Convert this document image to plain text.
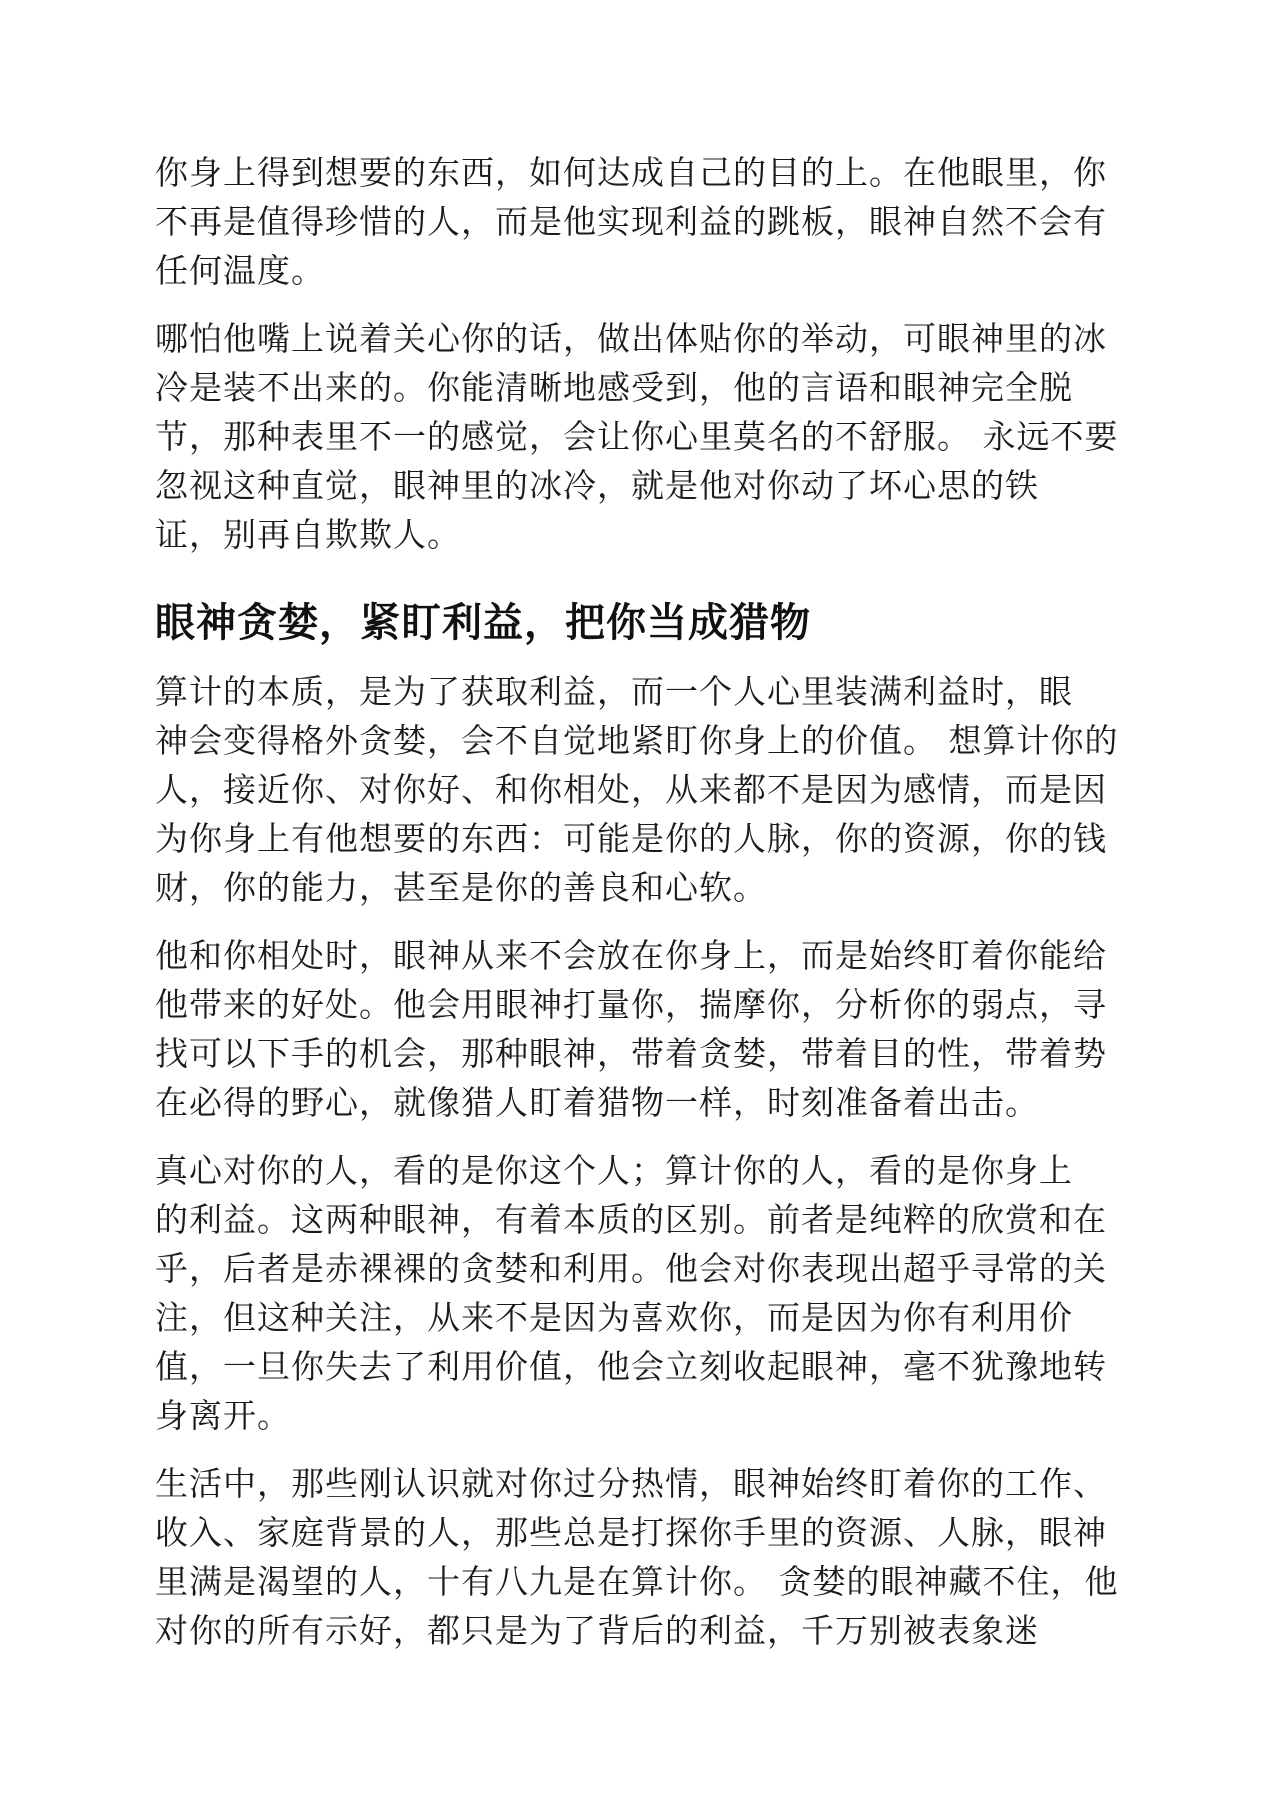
你身上得到想要的东西，如何达成自己的目的上。在他眼里，你
不再是值得珍惜的人，而是他实现利益的跳板，眼神自然不会有
任何温度。
哪怕他嘴上说着关心你的话，做出体贴你的举动，可眼神里的冰
冷是装不出来的。你能清晰地感受到，他的言语和眼神完全脱
节，那种表里不一的感觉，会让你心里莫名的不舒服。 永远不要
忽视这种直觉，眼神里的冰冷，就是他对你动了坏心思的铁
证，别再自欺欺人。
眼神贪婪，紧盯利益，把你当成猎物
算计的本质，是为了获取利益，而一个人心里装满利益时，眼
神会变得格外贪婪，会不自觉地紧盯你身上的价值。 想算计你的
人，接近你、对你好、和你相处，从来都不是因为感情，而是因
为你身上有他想要的东西：可能是你的人脉，你的资源，你的钱
财，你的能力，甚至是你的善良和心软。
他和你相处时，眼神从来不会放在你身上，而是始终盯着你能给
他带来的好处。他会用眼神打量你，揣摩你，分析你的弱点，寻
找可以下手的机会，那种眼神，带着贪婪，带着目的性，带着势
在必得的野心，就像猎人盯着猎物一样，时刻准备着出击。
真心对你的人，看的是你这个人；算计你的人，看的是你身上
的利益。这两种眼神，有着本质的区别。前者是纯粹的欣赏和在
乎，后者是赤裸裸的贪婪和利用。他会对你表现出超乎寻常的关
注，但这种关注，从来不是因为喜欢你，而是因为你有利用价
值，一旦你失去了利用价值，他会立刻收起眼神，毫不犹豫地转
身离开。
生活中，那些刚认识就对你过分热情，眼神始终盯着你的工作、
收入、家庭背景的人，那些总是打探你手里的资源、人脉，眼神
里满是渴望的人，十有八九是在算计你。 贪婪的眼神藏不住，他
对你的所有示好，都只是为了背后的利益，千万别被表象迷
